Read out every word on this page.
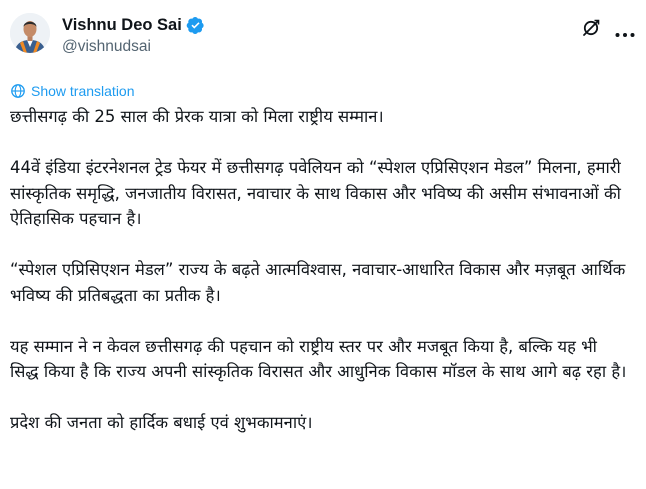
Vishnu Deo Sai
@vishnudsai
Show translation

छत्तीसगढ़ की 25 साल की प्रेरक यात्रा को मिला राष्ट्रीय सम्मान।

44वें इंडिया इंटरनेशनल ट्रेड फेयर में छत्तीसगढ़ पवेलियन को “स्पेशल एप्रिसिएशन मेडल” मिलना, हमारी सांस्कृतिक समृद्धि, जनजातीय विरासत, नवाचार के साथ विकास और भविष्य की असीम संभावनाओं की ऐतिहासिक पहचान है।

“स्पेशल एप्रिसिएशन मेडल” राज्य के बढ़ते आत्मविश्वास, नवाचार-आधारित विकास और मज़बूत आर्थिक भविष्य की प्रतिबद्धता का प्रतीक है।

यह सम्मान ने न केवल छत्तीसगढ़ की पहचान को राष्ट्रीय स्तर पर और मजबूत किया है, बल्कि यह भी सिद्ध किया है कि राज्य अपनी सांस्कृतिक विरासत और आधुनिक विकास मॉडल के साथ आगे बढ़ रहा है।

प्रदेश की जनता को हार्दिक बधाई एवं शुभकामनाएं।
